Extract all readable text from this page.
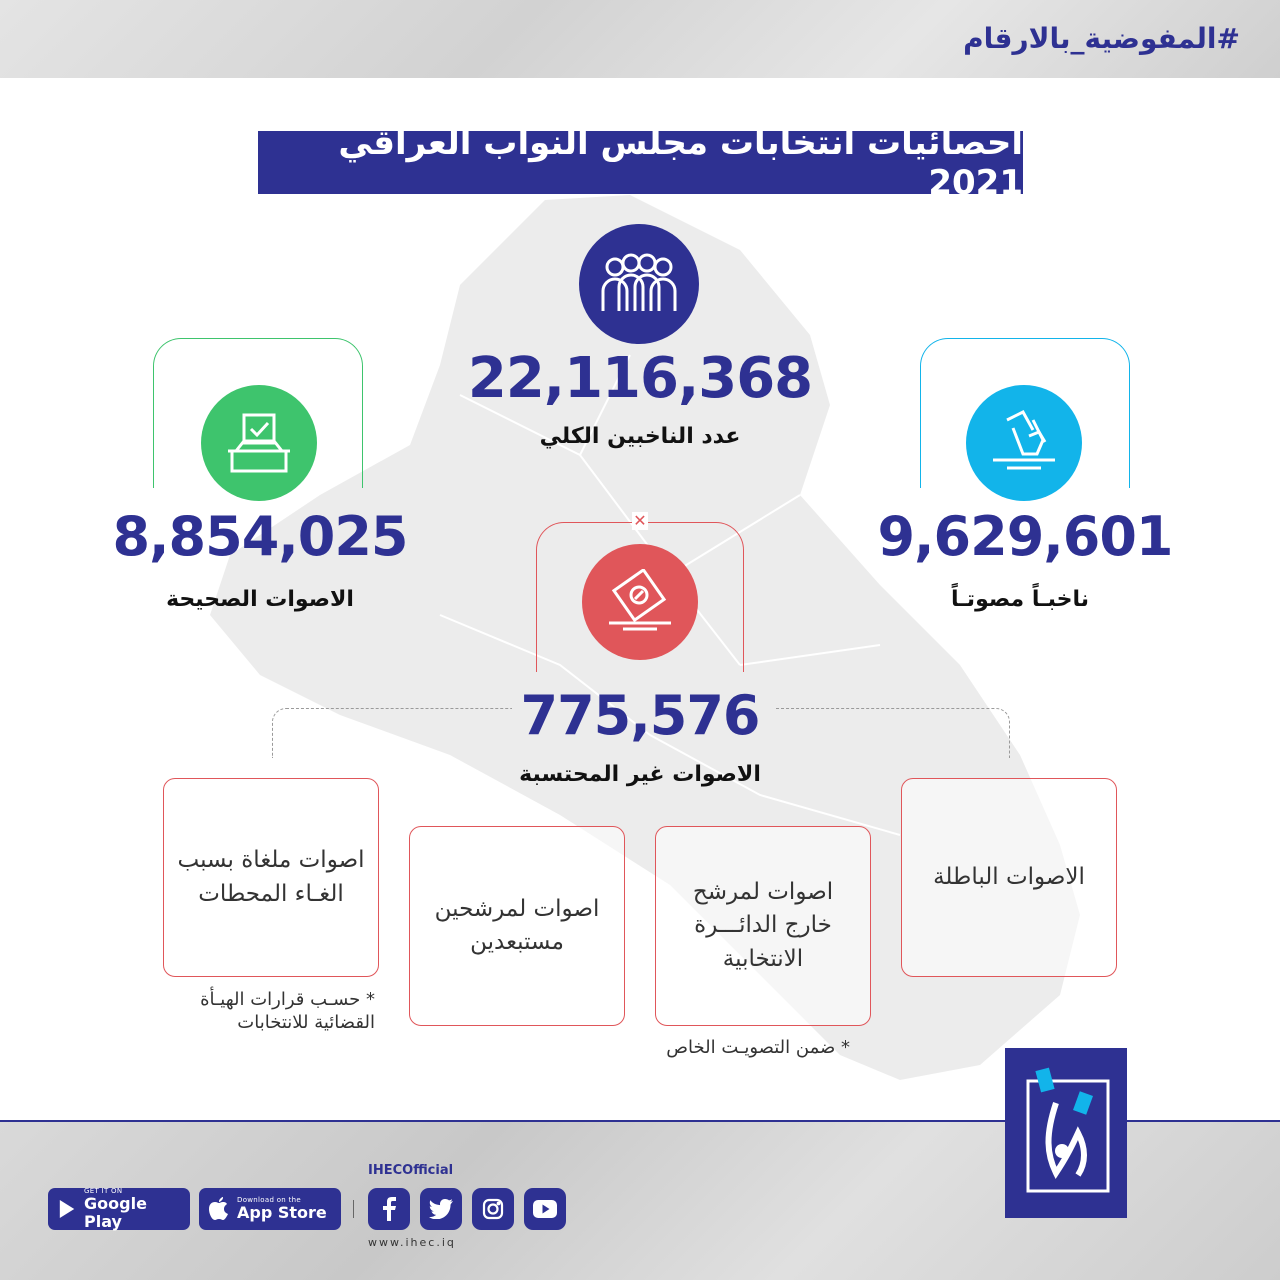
#المفوضية_بالارقام
احصائيات انتخابات مجلس النواب العراقي 2021
22,116,368
عدد الناخبين الكلي
8,854,025
الاصوات الصحيحة
9,629,601
ناخبـاً مصوتـاً
✕
775,576
الاصوات غير المحتسبة
اصوات ملغاة بسبب الغـاء المحطات
اصوات لمرشحين مستبعدين
اصوات لمرشح خارج الدائـــرة الانتخابية
الاصوات الباطلة
* حسـب قرارات الهيـأة القضائية للانتخابات
* ضمن التصويـت الخاص
GET IT ON
Google Play
Download on the
App Store
IHECOfficial
www.ihec.iq
